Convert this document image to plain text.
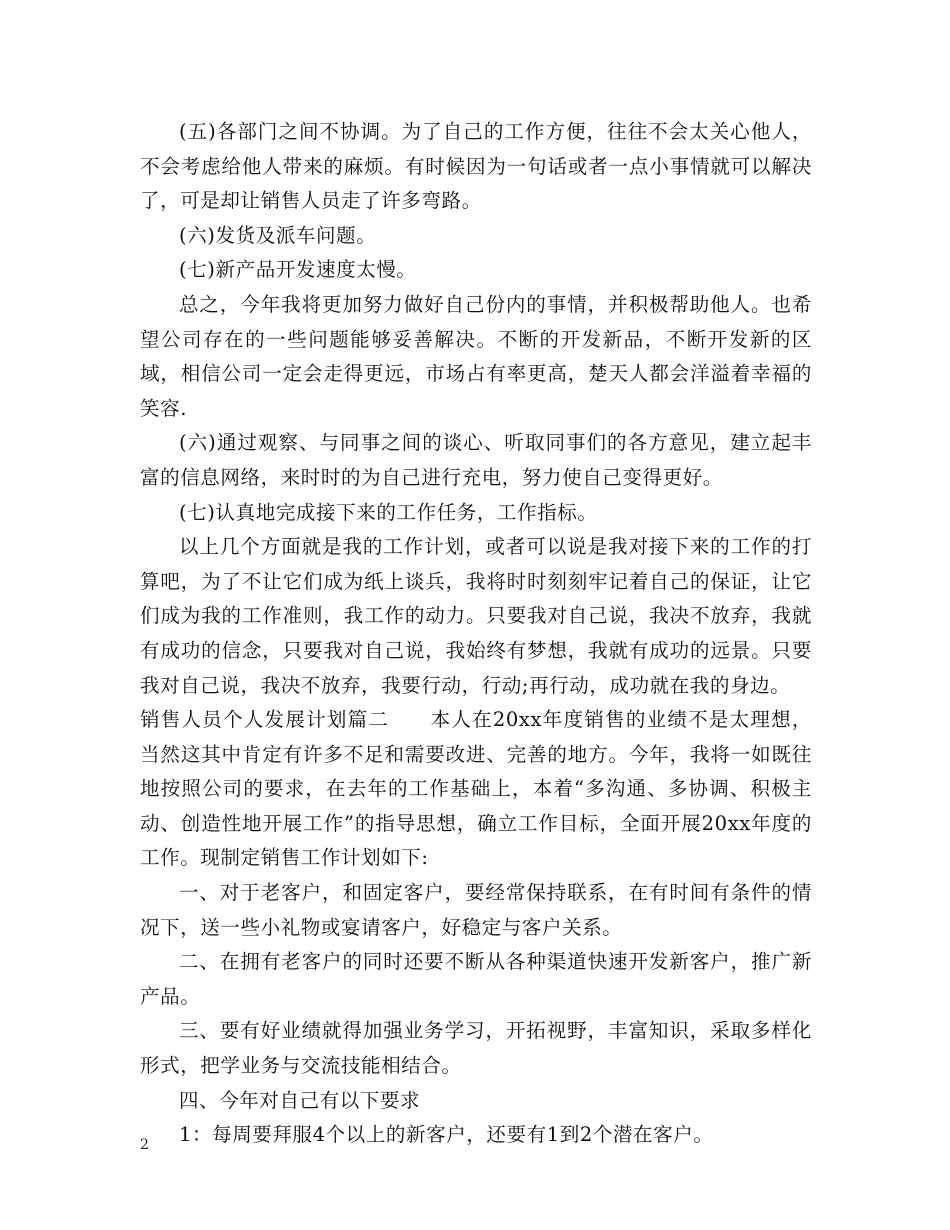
(五)各部门之间不协调。为了自己的工作方便，往往不会太关心他人，不会考虑给他人带来的麻烦。有时候因为一句话或者一点小事情就可以解决了，可是却让销售人员走了许多弯路。

(六)发货及派车问题。

(七)新产品开发速度太慢。

总之，今年我将更加努力做好自己份内的事情，并积极帮助他人。也希望公司存在的一些问题能够妥善解决。不断的开发新品，不断开发新的区域，相信公司一定会走得更远，市场占有率更高，楚天人都会洋溢着幸福的笑容.

(六)通过观察、与同事之间的谈心、听取同事们的各方意见，建立起丰富的信息网络，来时时的为自己进行充电，努力使自己变得更好。

(七)认真地完成接下来的工作任务，工作指标。

以上几个方面就是我的工作计划，或者可以说是我对接下来的工作的打算吧，为了不让它们成为纸上谈兵，我将时时刻刻牢记着自己的保证，让它们成为我的工作准则，我工作的动力。只要我对自己说，我决不放弃，我就有成功的信念，只要我对自己说，我始终有梦想，我就有成功的远景。只要我对自己说，我决不放弃，我要行动，行动;再行动，成功就在我的身边。

销售人员个人发展计划篇二　　本人在20xx年度销售的业绩不是太理想，当然这其中肯定有许多不足和需要改进、完善的地方。今年，我将一如既往地按照公司的要求，在去年的工作基础上，本着“多沟通、多协调、积极主动、创造性地开展工作”的指导思想，确立工作目标，全面开展20xx年度的工作。现制定销售工作计划如下:

一、对于老客户，和固定客户，要经常保持联系，在有时间有条件的情况下，送一些小礼物或宴请客户，好稳定与客户关系。

二、在拥有老客户的同时还要不断从各种渠道快速开发新客户，推广新产品。

三、要有好业绩就得加强业务学习，开拓视野，丰富知识，采取多样化形式，把学业务与交流技能相结合。

四、今年对自己有以下要求

1：每周要拜服4个以上的新客户，还要有1到2个潜在客户。

2
